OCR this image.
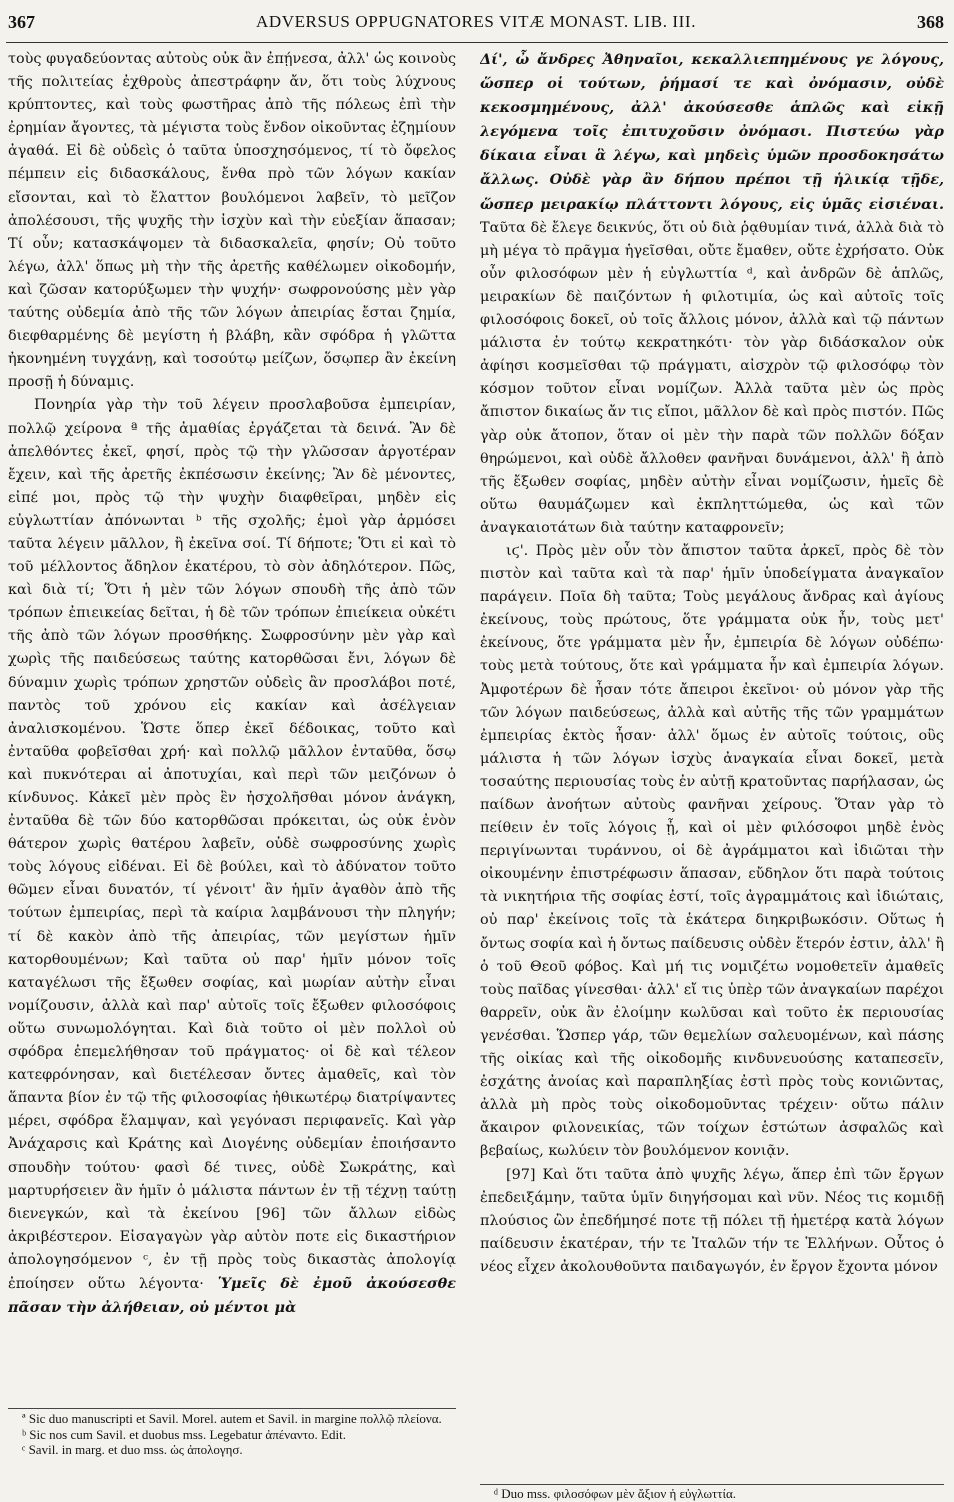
367	ADVERSUS OPPUGNATORES VITÆ MONAST. LIB. III.	368

τοὺς φυγαδεύοντας αὐτοὺς οὐκ ἂν ἐπῄνεσα, ἀλλ' ὡς κοινοὺς τῆς πολιτείας ἐχθροὺς ἀπεστράφην ἄν, ὅτι τοὺς λύχνους κρύπτοντες, καὶ τοὺς φωστῆρας ἀπὸ τῆς πόλεως ἐπὶ τὴν ἐρημίαν ἄγοντες, τὰ μέγιστα τοὺς ἔνδον οἰκοῦντας ἐζημίουν ἀγαθά. Εἰ δὲ οὐδεὶς ὁ ταῦτα ὑποσχησόμενος, τί τὸ ὄφελος πέμπειν εἰς διδασκάλους, ἔνθα πρὸ τῶν λόγων κακίαν εἴσονται, καὶ τὸ ἔλαττον βουλόμενοι λαβεῖν, τὸ μεῖζον ἀπολέσουσι, τῆς ψυχῆς τὴν ἰσχὺν καὶ τὴν εὐεξίαν ἅπασαν; Τί οὖν; κατασκάψομεν τὰ διδασκαλεῖα, φησίν; Οὐ τοῦτο λέγω, ἀλλ' ὅπως μὴ τὴν τῆς ἀρετῆς καθέλωμεν οἰκοδομήν, καὶ ζῶσαν κατορύξωμεν τὴν ψυχήν· σωφρονούσης μὲν γὰρ ταύτης οὐδεμία ἀπὸ τῆς τῶν λόγων ἀπειρίας ἔσται ζημία, διεφθαρμένης δὲ μεγίστη ἡ βλάβη, κἂν σφόδρα ἡ γλῶττα ἠκονημένη τυγχάνῃ, καὶ τοσούτῳ μείζων, ὅσῳπερ ἂν ἐκείνη προσῇ ἡ δύναμις.

Πονηρία γὰρ τὴν τοῦ λέγειν προσλαβοῦσα ἐμπειρίαν, πολλῷ χείρονα ª τῆς ἀμαθίας ἐργάζεται τὰ δεινά. Ἂν δὲ ἀπελθόντες ἐκεῖ, φησί, πρὸς τῷ τὴν γλῶσσαν ἀργοτέραν ἔχειν, καὶ τῆς ἀρετῆς ἐκπέσωσιν ἐκείνης; Ἂν δὲ μένοντες, εἰπέ μοι, πρὸς τῷ τὴν ψυχὴν διαφθεῖραι, μηδὲν εἰς εὐγλωττίαν ἀπόνωνται ᵇ τῆς σχολῆς; ἐμοὶ γὰρ ἁρμόσει ταῦτα λέγειν μᾶλλον, ἢ ἐκεῖνα σοί. Τί δήποτε; Ὅτι εἰ καὶ τὸ τοῦ μέλλοντος ἄδηλον ἑκατέρου, τὸ σὸν ἀδηλότερον. Πῶς, καὶ διὰ τί; Ὅτι ἡ μὲν τῶν λόγων σπουδὴ τῆς ἀπὸ τῶν τρόπων ἐπιεικείας δεῖται, ἡ δὲ τῶν τρόπων ἐπιείκεια οὐκέτι τῆς ἀπὸ τῶν λόγων προσθήκης. Σωφροσύνην μὲν γὰρ καὶ χωρὶς τῆς παιδεύσεως ταύτης κατορθῶσαι ἔνι, λόγων δὲ δύναμιν χωρὶς τρόπων χρηστῶν οὐδεὶς ἂν προσλάβοι ποτέ, παντὸς τοῦ χρόνου εἰς κακίαν καὶ ἀσέλγειαν ἀναλισκομένου. Ὥστε ὅπερ ἐκεῖ δέδοικας, τοῦτο καὶ ἐνταῦθα φοβεῖσθαι χρή· καὶ πολλῷ μᾶλλον ἐνταῦθα, ὅσῳ καὶ πυκνότεραι αἱ ἀποτυχίαι, καὶ περὶ τῶν μειζόνων ὁ κίνδυνος. Κἀκεῖ μὲν πρὸς ἓν ἠσχολῆσθαι μόνον ἀνάγκη, ἐνταῦθα δὲ τῶν δύο κατορθῶσαι πρόκειται, ὡς οὐκ ἐνὸν θάτερον χωρὶς θατέρου λαβεῖν, οὐδὲ σωφροσύνης χωρὶς τοὺς λόγους εἰδέναι. Εἰ δὲ βούλει, καὶ τὸ ἀδύνατον τοῦτο θῶμεν εἶναι δυνατόν, τί γένοιτ' ἂν ἡμῖν ἀγαθὸν ἀπὸ τῆς τούτων ἐμπειρίας, περὶ τὰ καίρια λαμβάνουσι τὴν πληγήν; τί δὲ κακὸν ἀπὸ τῆς ἀπειρίας, τῶν μεγίστων ἡμῖν κατορθουμένων; Καὶ ταῦτα οὐ παρ' ἡμῖν μόνον τοῖς καταγέλωσι τῆς ἔξωθεν σοφίας, καὶ μωρίαν αὐτὴν εἶναι νομίζουσιν, ἀλλὰ καὶ παρ' αὐτοῖς τοῖς ἔξωθεν φιλοσόφοις οὕτω συνωμολόγηται. Καὶ διὰ τοῦτο οἱ μὲν πολλοὶ οὐ σφόδρα ἐπεμελήθησαν τοῦ πράγματος· οἱ δὲ καὶ τέλεον κατεφρόνησαν, καὶ διετέλεσαν ὄντες ἀμαθεῖς, καὶ τὸν ἅπαντα βίον ἐν τῷ τῆς φιλοσοφίας ἠθικωτέρῳ διατρίψαντες μέρει, σφόδρα ἔλαμψαν, καὶ γεγόνασι περιφανεῖς. Καὶ γὰρ Ἀνάχαρσις καὶ Κράτης καὶ Διογένης οὐδεμίαν ἐποιήσαντο σπουδὴν τούτου· φασὶ δέ τινες, οὐδὲ Σωκράτης, καὶ μαρτυρήσειεν ἂν ἡμῖν ὁ μάλιστα πάντων ἐν τῇ τέχνῃ ταύτῃ διενεγκών, καὶ τὰ ἐκείνου [96] τῶν ἄλλων εἰδὼς ἀκριβέστερον. Εἰσαγαγὼν γὰρ αὐτὸν ποτε εἰς δικαστήριον ἀπολογησόμενον ᶜ, ἐν τῇ πρὸς τοὺς δικαστὰς ἀπολογίᾳ ἐποίησεν οὕτω λέγοντα· Ὑμεῖς δὲ ἐμοῦ ἀκούσεσθε πᾶσαν τὴν ἀλήθειαν, οὐ μέντοι μὰ

Δί', ὦ ἄνδρες Ἀθηναῖοι, κεκαλλιεπημένους γε λόγους, ὥσπερ οἱ τούτων, ῥήμασί τε καὶ ὀνόμασιν, οὐδὲ κεκοσμημένους, ἀλλ' ἀκούσεσθε ἁπλῶς καὶ εἰκῇ λεγόμενα τοῖς ἐπιτυχοῦσιν ὀνόμασι. Πιστεύω γὰρ δίκαια εἶναι ἃ λέγω, καὶ μηδεὶς ὑμῶν προσδοκησάτω ἄλλως. Οὐδὲ γὰρ ἂν δήπου πρέποι τῇ ἡλικίᾳ τῇδε, ὥσπερ μειρακίῳ πλάττοντι λόγους, εἰς ὑμᾶς εἰσιέναι. Ταῦτα δὲ ἔλεγε δεικνύς, ὅτι οὐ διὰ ῥᾳθυμίαν τινά, ἀλλὰ διὰ τὸ μὴ μέγα τὸ πρᾶγμα ἡγεῖσθαι, οὔτε ἔμαθεν, οὔτε ἐχρήσατο. Οὐκ οὖν φιλοσόφων μὲν ἡ εὐγλωττία ᵈ, καὶ ἀνδρῶν δὲ ἁπλῶς, μειρακίων δὲ παιζόντων ἡ φιλοτιμία, ὡς καὶ αὐτοῖς τοῖς φιλοσόφοις δοκεῖ, οὐ τοῖς ἄλλοις μόνον, ἀλλὰ καὶ τῷ πάντων μάλιστα ἐν τούτῳ κεκρατηκότι· τὸν γὰρ διδάσκαλον οὐκ ἀφίησι κοσμεῖσθαι τῷ πράγματι, αἰσχρὸν τῷ φιλοσόφῳ τὸν κόσμον τοῦτον εἶναι νομίζων. Ἀλλὰ ταῦτα μὲν ὡς πρὸς ἄπιστον δικαίως ἄν τις εἴποι, μᾶλλον δὲ καὶ πρὸς πιστόν. Πῶς γὰρ οὐκ ἄτοπον, ὅταν οἱ μὲν τὴν παρὰ τῶν πολλῶν δόξαν θηρώμενοι, καὶ οὐδὲ ἄλλοθεν φανῆναι δυνάμενοι, ἀλλ' ἢ ἀπὸ τῆς ἔξωθεν σοφίας, μηδὲν αὐτὴν εἶναι νομίζωσιν, ἡμεῖς δὲ οὕτω θαυμάζωμεν καὶ ἐκπληττώμεθα, ὡς καὶ τῶν ἀναγκαιοτάτων διὰ ταύτην καταφρονεῖν;

ιϛ'. Πρὸς μὲν οὖν τὸν ἄπιστον ταῦτα ἀρκεῖ, πρὸς δὲ τὸν πιστὸν καὶ ταῦτα καὶ τὰ παρ' ἡμῖν ὑποδείγματα ἀναγκαῖον παράγειν. Ποῖα δὴ ταῦτα; Τοὺς μεγάλους ἄνδρας καὶ ἁγίους ἐκείνους, τοὺς πρώτους, ὅτε γράμματα οὐκ ἦν, τοὺς μετ' ἐκείνους, ὅτε γράμματα μὲν ἦν, ἐμπειρία δὲ λόγων οὐδέπω· τοὺς μετὰ τούτους, ὅτε καὶ γράμματα ἦν καὶ ἐμπειρία λόγων. Ἀμφοτέρων δὲ ἦσαν τότε ἄπειροι ἐκεῖνοι· οὐ μόνον γὰρ τῆς τῶν λόγων παιδεύσεως, ἀλλὰ καὶ αὐτῆς τῆς τῶν γραμμάτων ἐμπειρίας ἐκτὸς ἦσαν· ἀλλ' ὅμως ἐν αὐτοῖς τούτοις, οὓς μάλιστα ἡ τῶν λόγων ἰσχὺς ἀναγκαία εἶναι δοκεῖ, μετὰ τοσαύτης περιουσίας τοὺς ἐν αὐτῇ κρατοῦντας παρήλασαν, ὡς παίδων ἀνοήτων αὐτοὺς φανῆναι χείρους. Ὅταν γὰρ τὸ πείθειν ἐν τοῖς λόγοις ᾖ, καὶ οἱ μὲν φιλόσοφοι μηδὲ ἑνὸς περιγίνωνται τυράννου, οἱ δὲ ἀγράμματοι καὶ ἰδιῶται τὴν οἰκουμένην ἐπιστρέφωσιν ἅπασαν, εὔδηλον ὅτι παρὰ τούτοις τὰ νικητήρια τῆς σοφίας ἐστί, τοῖς ἀγραμμάτοις καὶ ἰδιώταις, οὐ παρ' ἐκείνοις τοῖς τὰ ἑκάτερα διηκριβωκόσιν. Οὕτως ἡ ὄντως σοφία καὶ ἡ ὄντως παίδευσις οὐδὲν ἕτερόν ἐστιν, ἀλλ' ἢ ὁ τοῦ Θεοῦ φόβος. Καὶ μή τις νομιζέτω νομοθετεῖν ἀμαθεῖς τοὺς παῖδας γίνεσθαι· ἀλλ' εἴ τις ὑπὲρ τῶν ἀναγκαίων παρέχοι θαρρεῖν, οὐκ ἂν ἐλοίμην κωλῦσαι καὶ τοῦτο ἐκ περιουσίας γενέσθαι. Ὥσπερ γάρ, τῶν θεμελίων σαλευομένων, καὶ πάσης τῆς οἰκίας καὶ τῆς οἰκοδομῆς κινδυνευούσης καταπεσεῖν, ἐσχάτης ἀνοίας καὶ παραπληξίας ἐστὶ πρὸς τοὺς κονιῶντας, ἀλλὰ μὴ πρὸς τοὺς οἰκοδομοῦντας τρέχειν· οὕτω πάλιν ἄκαιρον φιλονεικίας, τῶν τοίχων ἑστώτων ἀσφαλῶς καὶ βεβαίως, κωλύειν τὸν βουλόμενον κονιᾷν.

[97] Καὶ ὅτι ταῦτα ἀπὸ ψυχῆς λέγω, ἅπερ ἐπὶ τῶν ἔργων ἐπεδειξάμην, ταῦτα ὑμῖν διηγήσομαι καὶ νῦν. Νέος τις κομιδῇ πλούσιος ὢν ἐπεδήμησέ ποτε τῇ πόλει τῇ ἡμετέρᾳ κατὰ λόγων παίδευσιν ἑκατέραν, τήν τε Ἰταλῶν τήν τε Ἑλλήνων. Οὗτος ὁ νέος εἶχεν ἀκολουθοῦντα παιδαγωγόν, ἐν ἔργον ἔχοντα μόνον

ª Sic duo manuscripti et Savil. Morel. autem et Savil. in margine πολλῷ πλείονα.
ᵇ Sic nos cum Savil. et duobus mss. Legebatur ἀπέναντο. Edit.
ᶜ Savil. in marg. et duo mss. ὡς ἀπολογησ.
ᵈ Duo mss. φιλοσόφων μὲν ἄξιον ἡ εὐγλωττία.
